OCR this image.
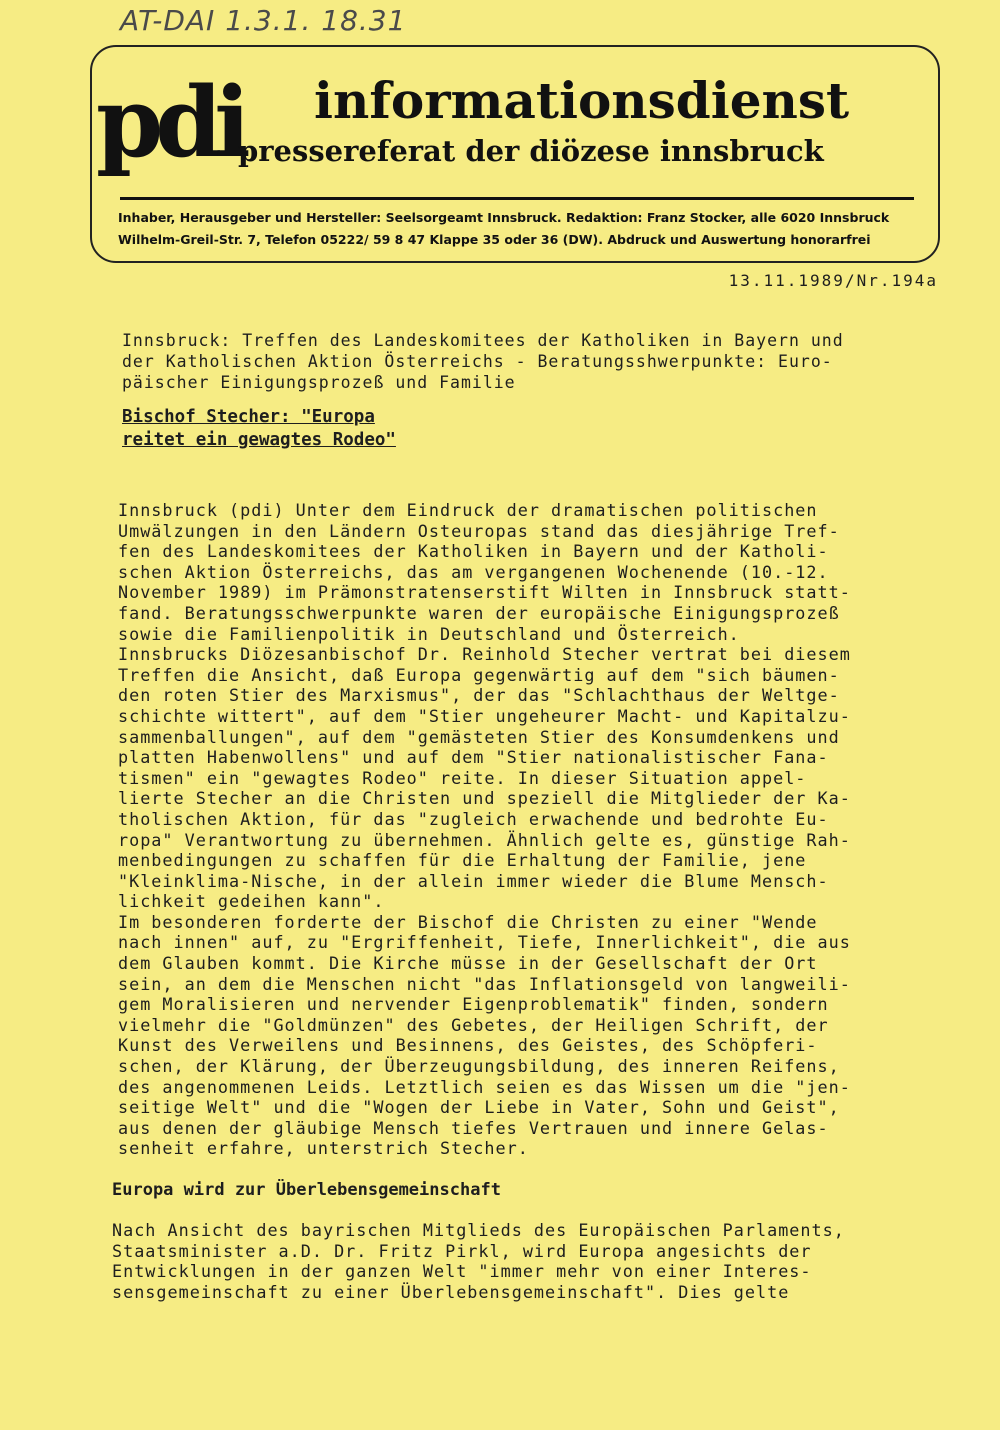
AT-DAI 1.3.1. 18.31
pdi informationsdienst
pressereferat der diözese innsbruck
Inhaber, Herausgeber und Hersteller: Seelsorgeamt Innsbruck. Redaktion: Franz Stocker, alle 6020 Innsbruck
Wilhelm-Greil-Str. 7, Telefon 05222/ 59 8 47 Klappe 35 oder 36 (DW). Abdruck und Auswertung honorarfrei
13.11.1989/Nr.194a
Innsbruck: Treffen des Landeskomitees der Katholiken in Bayern und
der Katholischen Aktion Österreichs - Beratungsshwerpunkte: Euro-
päischer Einigungsprozeß und Familie
Bischof Stecher: "Europa
reitet ein gewagtes Rodeo"
Innsbruck (pdi) Unter dem Eindruck der dramatischen politischen
Umwälzungen in den Ländern Osteuropas stand das diesjährige Tref-
fen des Landeskomitees der Katholiken in Bayern und der Katholi-
schen Aktion Österreichs, das am vergangenen Wochenende (10.-12.
November 1989) im Prämonstratenserstift Wilten in Innsbruck statt-
fand. Beratungsschwerpunkte waren der europäische Einigungsprozeß
sowie die Familienpolitik in Deutschland und Österreich.
Innsbrucks Diözesanbischof Dr. Reinhold Stecher vertrat bei diesem
Treffen die Ansicht, daß Europa gegenwärtig auf dem "sich bäumen-
den roten Stier des Marxismus", der das "Schlachthaus der Weltge-
schichte wittert", auf dem "Stier ungeheurer Macht- und Kapitalzu-
sammenballungen", auf dem "gemästeten Stier des Konsumdenkens und
platten Habenwollens" und auf dem "Stier nationalistischer Fana-
tismen" ein "gewagtes Rodeo" reite. In dieser Situation appel-
lierte Stecher an die Christen und speziell die Mitglieder der Ka-
tholischen Aktion, für das "zugleich erwachende und bedrohte Eu-
ropa" Verantwortung zu übernehmen. Ähnlich gelte es, günstige Rah-
menbedingungen zu schaffen für die Erhaltung der Familie, jene
"Kleinklima-Nische, in der allein immer wieder die Blume Mensch-
lichkeit gedeihen kann".
Im besonderen forderte der Bischof die Christen zu einer "Wende
nach innen" auf, zu "Ergriffenheit, Tiefe, Innerlichkeit", die aus
dem Glauben kommt. Die Kirche müsse in der Gesellschaft der Ort
sein, an dem die Menschen nicht "das Inflationsgeld von langweili-
gem Moralisieren und nervender Eigenproblematik" finden, sondern
vielmehr die "Goldmünzen" des Gebetes, der Heiligen Schrift, der
Kunst des Verweilens und Besinnens, des Geistes, des Schöpferi-
schen, der Klärung, der Überzeugungsbildung, des inneren Reifens,
des angenommenen Leids. Letztlich seien es das Wissen um die "jen-
seitige Welt" und die "Wogen der Liebe in Vater, Sohn und Geist",
aus denen der gläubige Mensch tiefes Vertrauen und innere Gelas-
senheit erfahre, unterstrich Stecher.
Europa wird zur Überlebensgemeinschaft
Nach Ansicht des bayrischen Mitglieds des Europäischen Parlaments,
Staatsminister a.D. Dr. Fritz Pirkl, wird Europa angesichts der
Entwicklungen in der ganzen Welt "immer mehr von einer Interes-
sensgemeinschaft zu einer Überlebensgemeinschaft". Dies gelte
